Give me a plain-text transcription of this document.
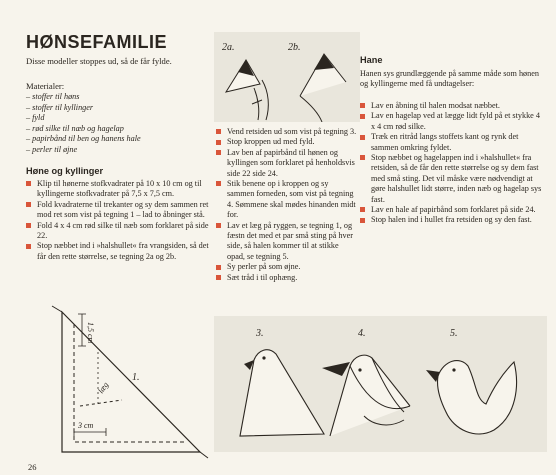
HØNSEFAMILIE

Disse modeller stoppes ud, så de får fylde.

Materialer:

– stoffer til høns
– stoffer til kyllinger
– fyld
– rød silke til næb og hagelap
– papirbånd til ben og hanens hale
– perler til øjne
Høne og kyllinger
Klip til hønerne stofkvadrater på 10 x 10 cm og til kyllingerne stofkvadrater på 7,5 x 7,5 cm.
Fold kvadraterne til trekanter og sy dem sammen ret mod ret som vist på tegning 1 – lad to åbninger stå.
Fold 4 x 4 cm rød silke til næb som forklaret på side 22.
Stop næbbet ind i »halshullet« fra vrangsiden, så det får den rette størrelse, se tegning 2a og 2b.
Vend retsiden ud som vist på tegning 3.
Stop kroppen ud med fyld.
Lav ben af papirbånd til hønen og kyllingen som forklaret på henholdsvis side 22 side 24.
Stik benene op i kroppen og sy sammen forneden, som vist på tegning 4. Sømmene skal mødes hinanden midt for.
Lav et læg på ryggen, se tegning 1, og fæstn det med et par små sting på hver side, så halen kommer til at stikke opad, se tegning 5.
Sy perler på som øjne.
Sæt tråd i til ophæng.
Hane

Hanen sys grundlæggende på samme måde som hønen og kyllingerne med få undtagelser:

Lav en åbning til halen modsat næbbet.
Lav en hagelap ved at lægge lidt fyld på et stykke 4 x 4 cm rød silke.
Træk en ritråd langs stoffets kant og rynk det sammen omkring fyldet.
Stop næbbet og hagelappen ind i »halshullet« fra retsiden, så de får den rette størrelse og sy dem fast med små sting. Det vil måske være nødvendigt at gøre halshullet lidt større, inden næb og hagelap sys fast.
Lav en hale af papirbånd som forklaret på side 24.
Stop halen ind i hullet fra retsiden og sy den fast.
2a.	2b.
1,5 cm
3 cm
læg
1.
3.	4.	5.

26
